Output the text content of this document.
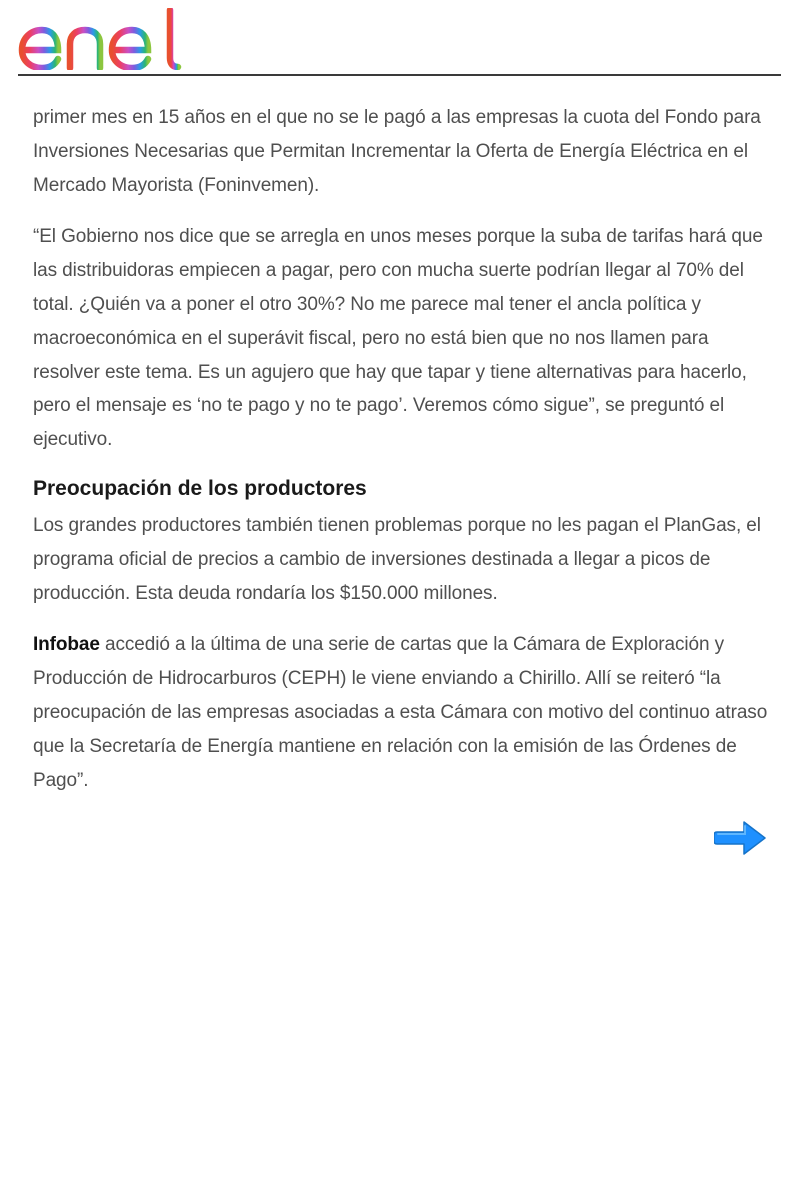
primer mes en 15 años en el que no se le pagó a las empresas la cuota del Fondo para Inversiones Necesarias que Permitan Incrementar la Oferta de Energía Eléctrica en el Mercado Mayorista (Foninvemen).

“El Gobierno nos dice que se arregla en unos meses porque la suba de tarifas hará que las distribuidoras empiecen a pagar, pero con mucha suerte podrían llegar al 70% del total. ¿Quién va a poner el otro 30%? No me parece mal tener el ancla política y macroeconómica en el superávit fiscal, pero no está bien que no nos llamen para resolver este tema. Es un agujero que hay que tapar y tiene alternativas para hacerlo, pero el mensaje es ‘no te pago y no te pago’. Veremos cómo sigue”, se preguntó el ejecutivo.

Preocupación de los productores

Los grandes productores también tienen problemas porque no les pagan el PlanGas, el programa oficial de precios a cambio de inversiones destinada a llegar a picos de producción. Esta deuda rondaría los $150.000 millones.

Infobae accedió a la última de una serie de cartas que la Cámara de Exploración y Producción de Hidrocarburos (CEPH) le viene enviando a Chirillo. Allí se reiteró “la preocupación de las empresas asociadas a esta Cámara con motivo del continuo atraso que la Secretaría de Energía mantiene en relación con la emisión de las Órdenes de Pago”.
